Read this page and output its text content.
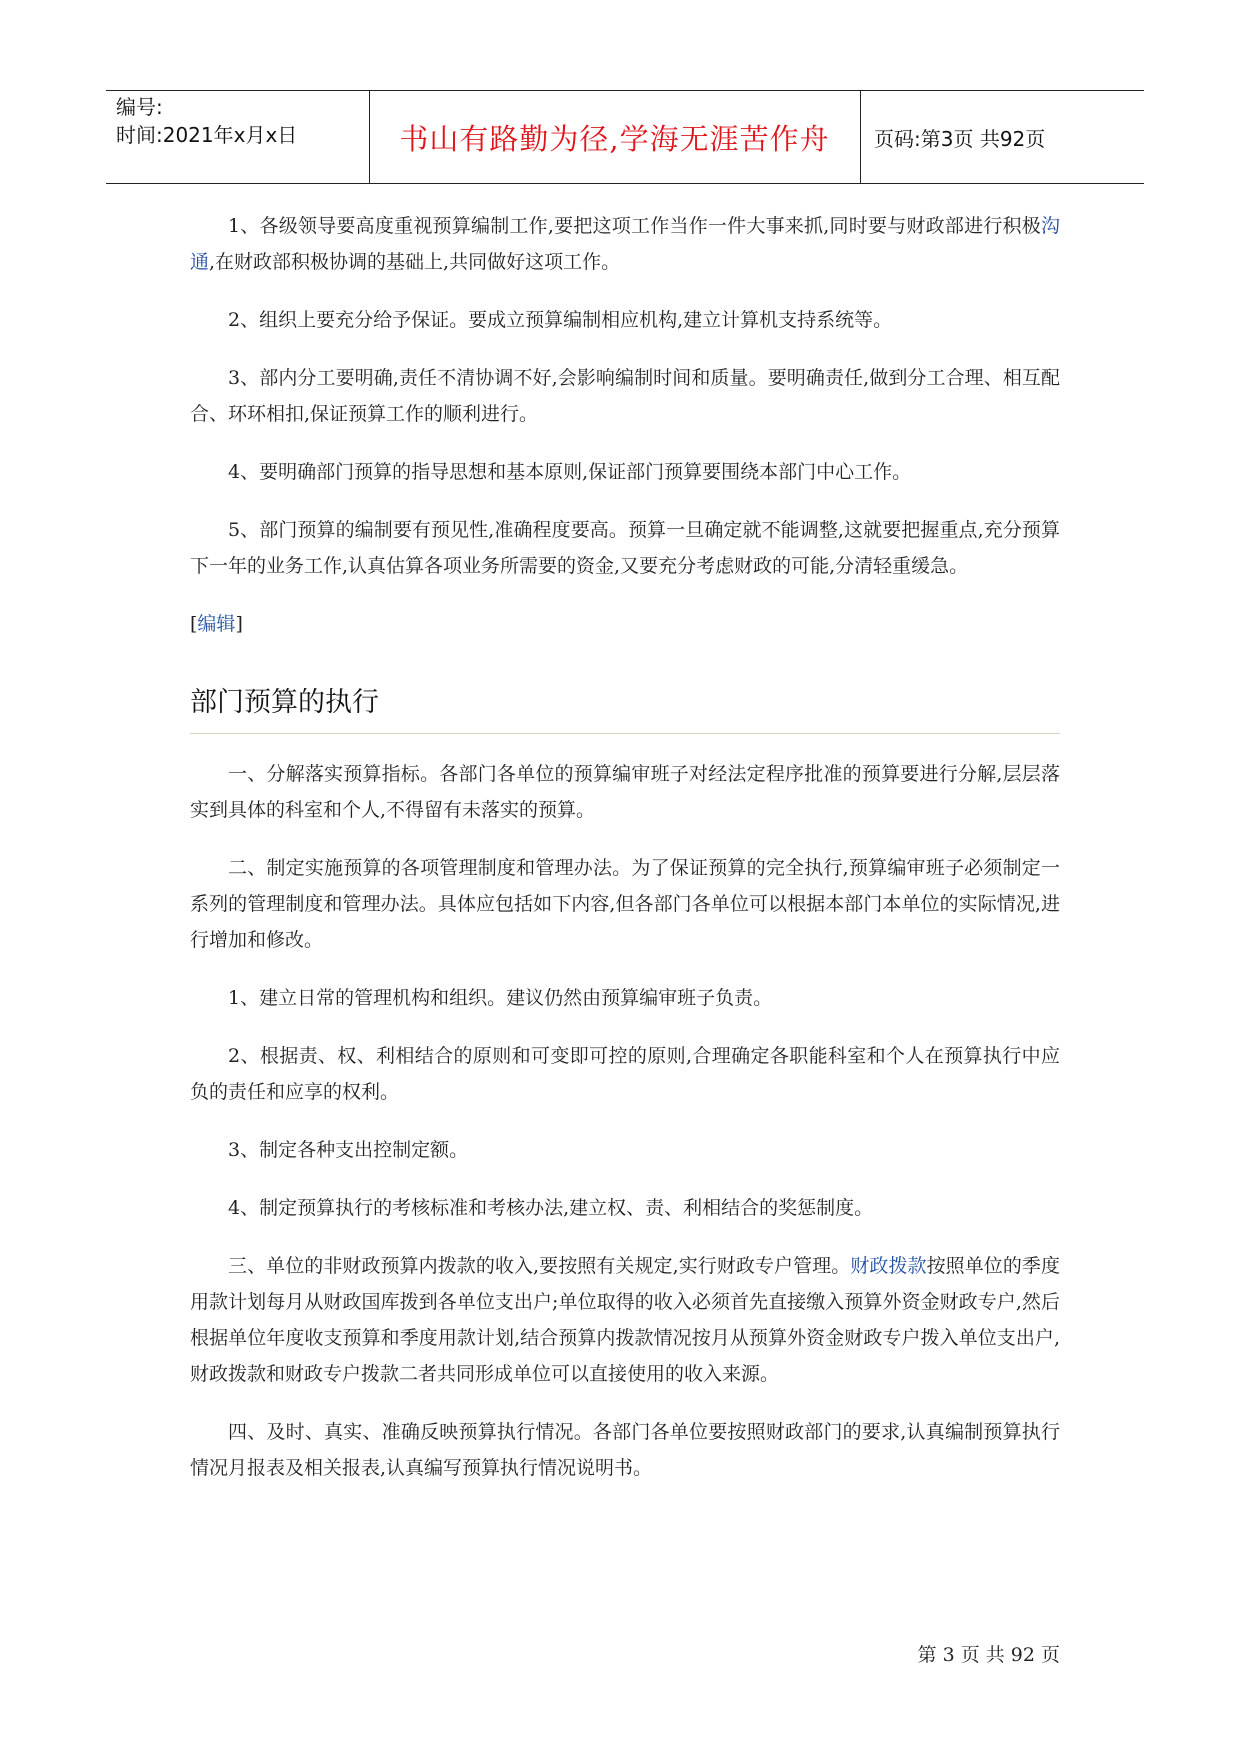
编号:
时间:2021年x月x日	书山有路勤为径,学海无涯苦作舟	页码:第3页 共92页

1、各级领导要高度重视预算编制工作,要把这项工作当作一件大事来抓,同时要与财政部进行积极沟通,在财政部积极协调的基础上,共同做好这项工作。

2、组织上要充分给予保证。要成立预算编制相应机构,建立计算机支持系统等。

3、部内分工要明确,责任不清协调不好,会影响编制时间和质量。要明确责任,做到分工合理、相互配合、环环相扣,保证预算工作的顺利进行。

4、要明确部门预算的指导思想和基本原则,保证部门预算要围绕本部门中心工作。

5、部门预算的编制要有预见性,准确程度要高。预算一旦确定就不能调整,这就要把握重点,充分预算下一年的业务工作,认真估算各项业务所需要的资金,又要充分考虑财政的可能,分清轻重缓急。

[编辑]

部门预算的执行

一、分解落实预算指标。各部门各单位的预算编审班子对经法定程序批准的预算要进行分解,层层落实到具体的科室和个人,不得留有未落实的预算。

二、制定实施预算的各项管理制度和管理办法。为了保证预算的完全执行,预算编审班子必须制定一系列的管理制度和管理办法。具体应包括如下内容,但各部门各单位可以根据本部门本单位的实际情况,进行增加和修改。

1、建立日常的管理机构和组织。建议仍然由预算编审班子负责。

2、根据责、权、利相结合的原则和可变即可控的原则,合理确定各职能科室和个人在预算执行中应负的责任和应享的权利。

3、制定各种支出控制定额。

4、制定预算执行的考核标准和考核办法,建立权、责、利相结合的奖惩制度。

三、单位的非财政预算内拨款的收入,要按照有关规定,实行财政专户管理。财政拨款按照单位的季度用款计划每月从财政国库拨到各单位支出户;单位取得的收入必须首先直接缴入预算外资金财政专户,然后根据单位年度收支预算和季度用款计划,结合预算内拨款情况按月从预算外资金财政专户拨入单位支出户,财政拨款和财政专户拨款二者共同形成单位可以直接使用的收入来源。

四、及时、真实、准确反映预算执行情况。各部门各单位要按照财政部门的要求,认真编制预算执行情况月报表及相关报表,认真编写预算执行情况说明书。

第 3 页 共 92 页
